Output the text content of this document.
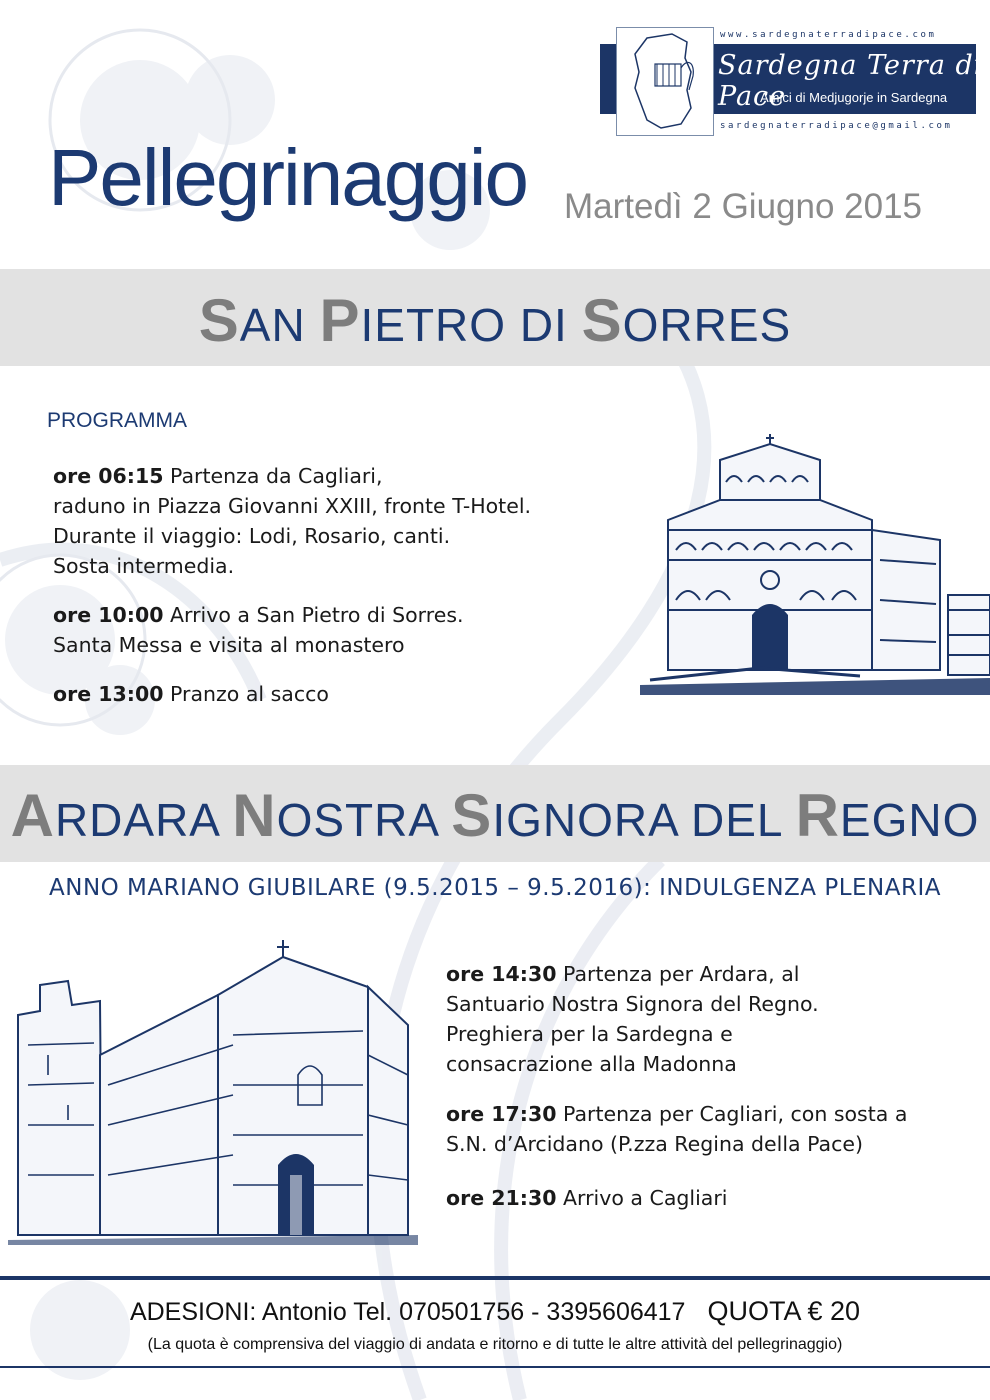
www.sardegnaterradipace.com
Sardegna Terra di Pace
Amici di Medjugorje in Sardegna
sardegnaterradipace@gmail.com
Pellegrinaggio Martedì 2 Giugno 2015
SAN PIETRO DI SORRES
PROGRAMMA
ore 06:15 Partenza da Cagliari,
raduno in Piazza Giovanni XXIII, fronte T-Hotel.
Durante il viaggio: Lodi, Rosario, canti.
Sosta intermedia.
ore 10:00 Arrivo a San Pietro di Sorres.
Santa Messa e visita al monastero
ore 13:00 Pranzo al sacco
ARDARA NOSTRA SIGNORA DEL REGNO
ANNO MARIANO GIUBILARE (9.5.2015 – 9.5.2016): INDULGENZA PLENARIA
ore 14:30 Partenza per Ardara, al
Santuario Nostra Signora del Regno.
Preghiera per la Sardegna e
consacrazione alla Madonna
ore 17:30 Partenza per Cagliari, con sosta a
S.N. d’Arcidano (P.zza Regina della Pace)
ore 21:30 Arrivo a Cagliari
ADESIONI: Antonio Tel. 070501756 - 3395606417 QUOTA € 20
(La quota è comprensiva del viaggio di andata e ritorno e di tutte le altre attività del pellegrinaggio)
